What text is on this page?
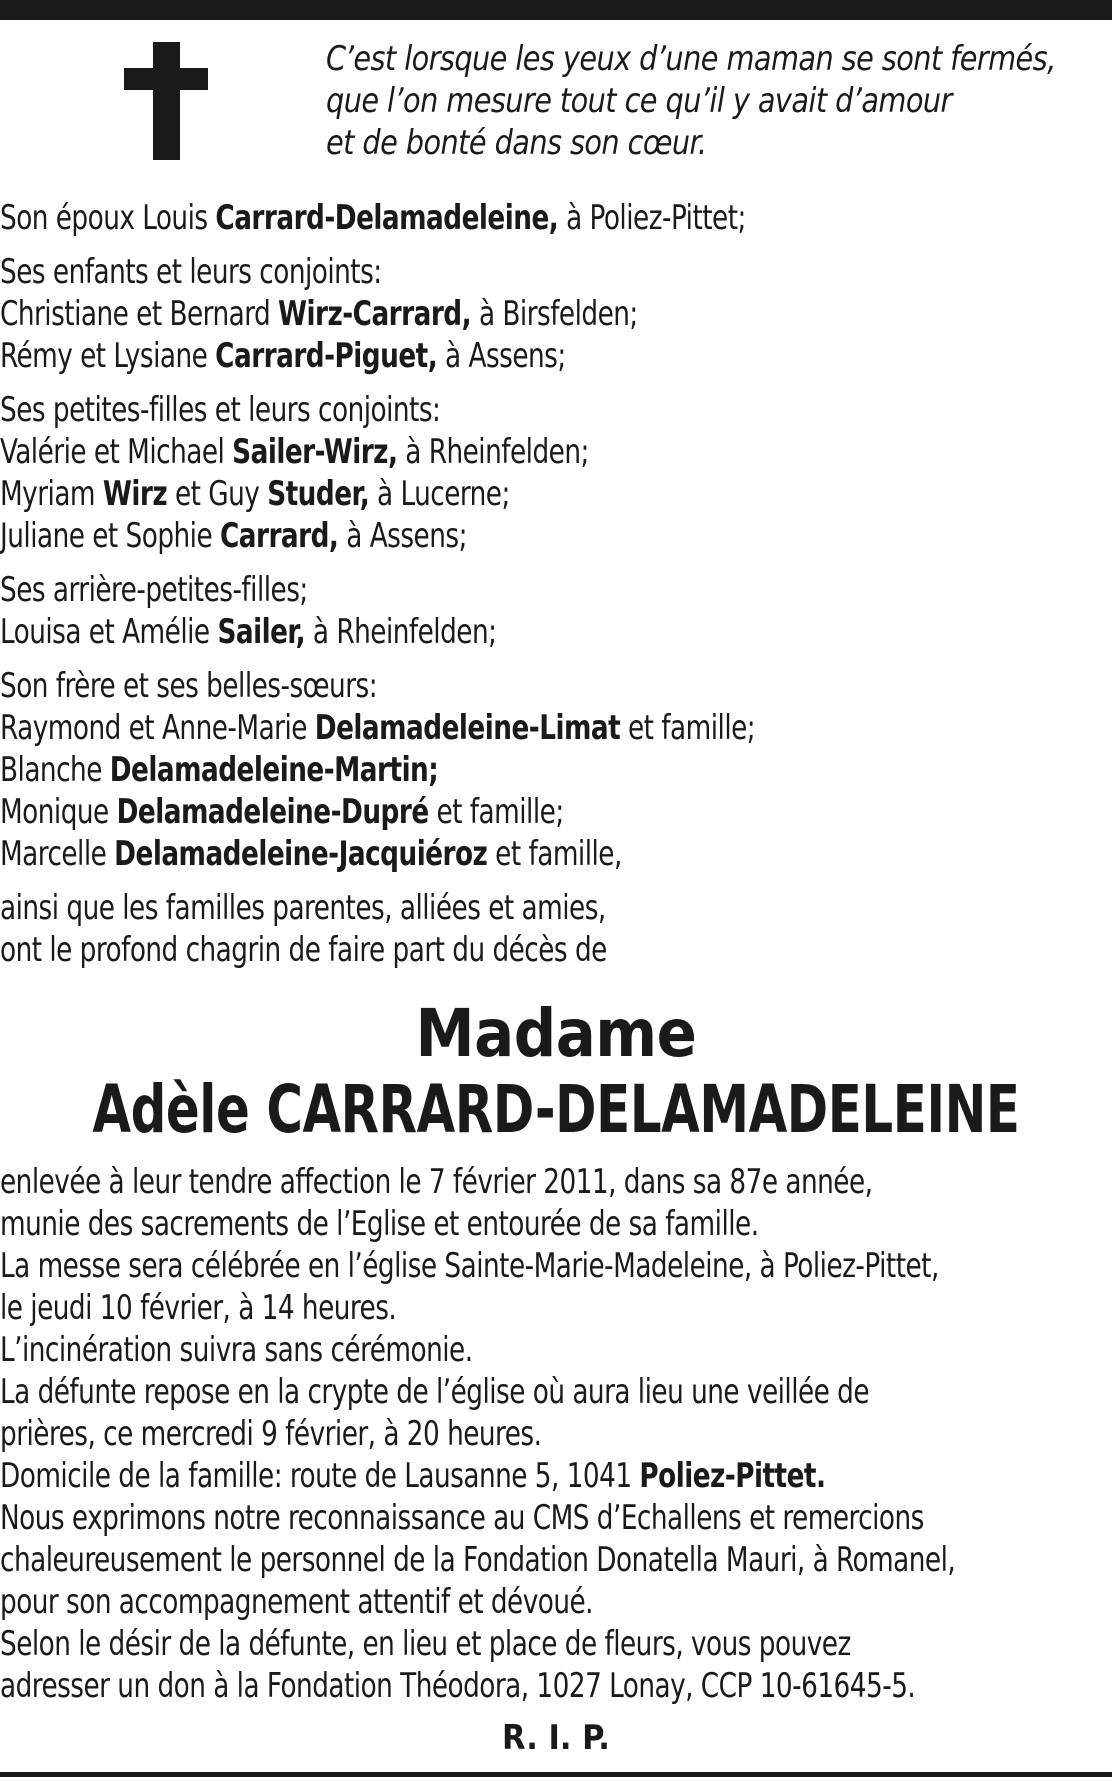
C’est lorsque les yeux d’une maman se sont fermés,
que l’on mesure tout ce qu’il y avait d’amour
et de bonté dans son cœur.
Son époux Louis Carrard-Delamadeleine, à Poliez-Pittet;
Ses enfants et leurs conjoints:
Christiane et Bernard Wirz-Carrard, à Birsfelden;
Rémy et Lysiane Carrard-Piguet, à Assens;
Ses petites-filles et leurs conjoints:
Valérie et Michael Sailer-Wirz, à Rheinfelden;
Myriam Wirz et Guy Studer, à Lucerne;
Juliane et Sophie Carrard, à Assens;
Ses arrière-petites-filles;
Louisa et Amélie Sailer, à Rheinfelden;
Son frère et ses belles-sœurs:
Raymond et Anne-Marie Delamadeleine-Limat et famille;
Blanche Delamadeleine-Martin;
Monique Delamadeleine-Dupré et famille;
Marcelle Delamadeleine-Jacquiéroz et famille,
ainsi que les familles parentes, alliées et amies,
ont le profond chagrin de faire part du décès de
Madame
Adèle CARRARD-DELAMADELEINE
enlevée à leur tendre affection le 7 février 2011, dans sa 87e année,
munie des sacrements de l’Eglise et entourée de sa famille.
La messe sera célébrée en l’église Sainte-Marie-Madeleine, à Poliez-Pittet,
le jeudi 10 février, à 14 heures.
L’incinération suivra sans cérémonie.
La défunte repose en la crypte de l’église où aura lieu une veillée de
prières, ce mercredi 9 février, à 20 heures.
Domicile de la famille: route de Lausanne 5, 1041 Poliez-Pittet.
Nous exprimons notre reconnaissance au CMS d’Echallens et remercions
chaleureusement le personnel de la Fondation Donatella Mauri, à Romanel,
pour son accompagnement attentif et dévoué.
Selon le désir de la défunte, en lieu et place de fleurs, vous pouvez
adresser un don à la Fondation Théodora, 1027 Lonay, CCP 10-61645-5.
R. I. P.
